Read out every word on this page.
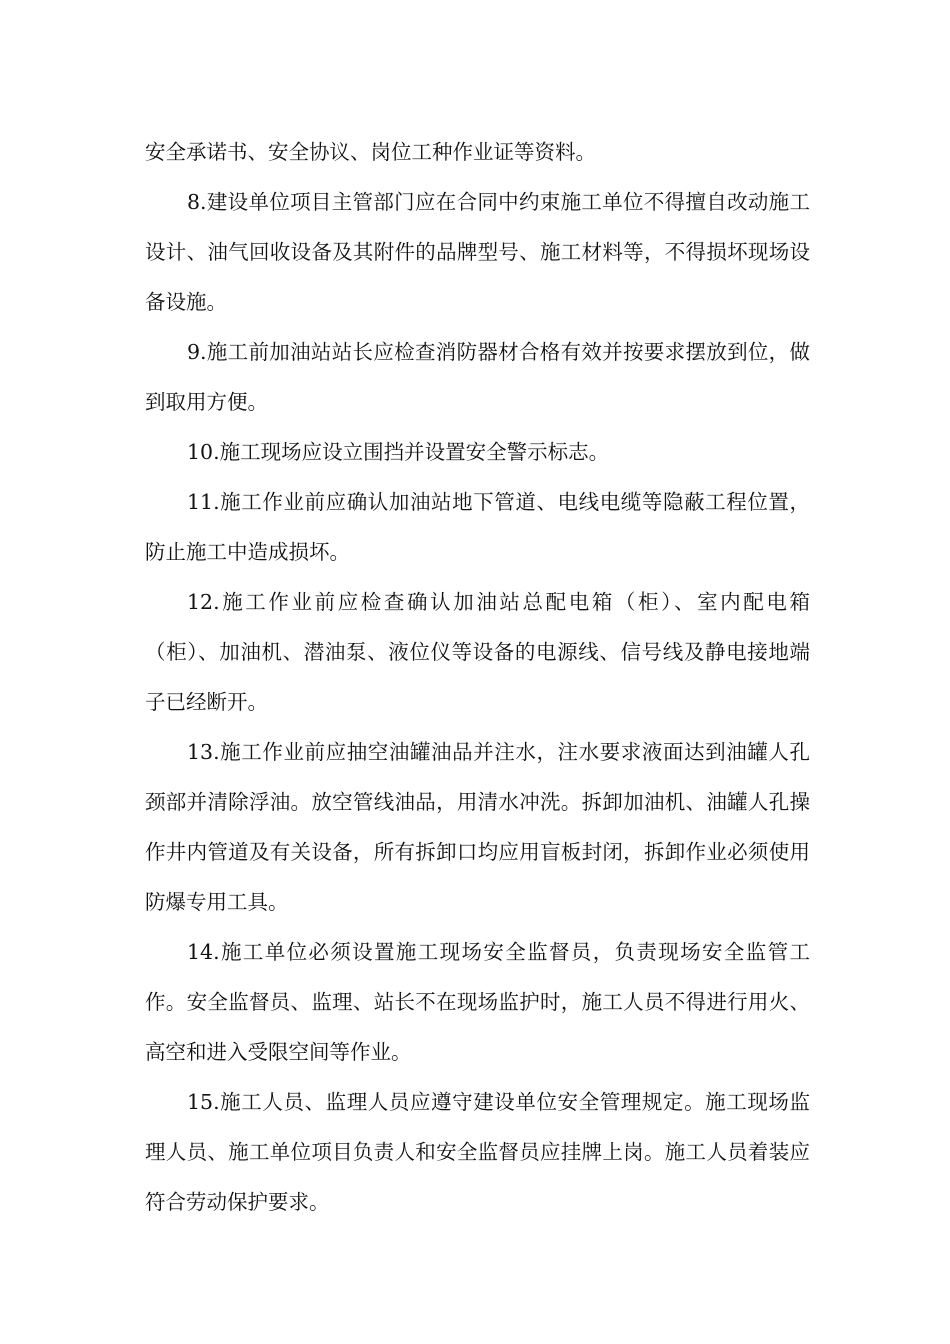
安全承诺书、安全协议、岗位工种作业证等资料。

8.建设单位项目主管部门应在合同中约束施工单位不得擅自改动施工设计、油气回收设备及其附件的品牌型号、施工材料等，不得损坏现场设备设施。

9.施工前加油站站长应检查消防器材合格有效并按要求摆放到位，做到取用方便。

10.施工现场应设立围挡并设置安全警示标志。

11.施工作业前应确认加油站地下管道、电线电缆等隐蔽工程位置，防止施工中造成损坏。

12.施工作业前应检查确认加油站总配电箱（柜）、室内配电箱（柜）、加油机、潜油泵、液位仪等设备的电源线、信号线及静电接地端子已经断开。

13.施工作业前应抽空油罐油品并注水，注水要求液面达到油罐人孔颈部并清除浮油。放空管线油品，用清水冲洗。拆卸加油机、油罐人孔操作井内管道及有关设备，所有拆卸口均应用盲板封闭，拆卸作业必须使用防爆专用工具。

14.施工单位必须设置施工现场安全监督员，负责现场安全监管工作。安全监督员、监理、站长不在现场监护时，施工人员不得进行用火、高空和进入受限空间等作业。

15.施工人员、监理人员应遵守建设单位安全管理规定。施工现场监理人员、施工单位项目负责人和安全监督员应挂牌上岗。施工人员着装应符合劳动保护要求。
